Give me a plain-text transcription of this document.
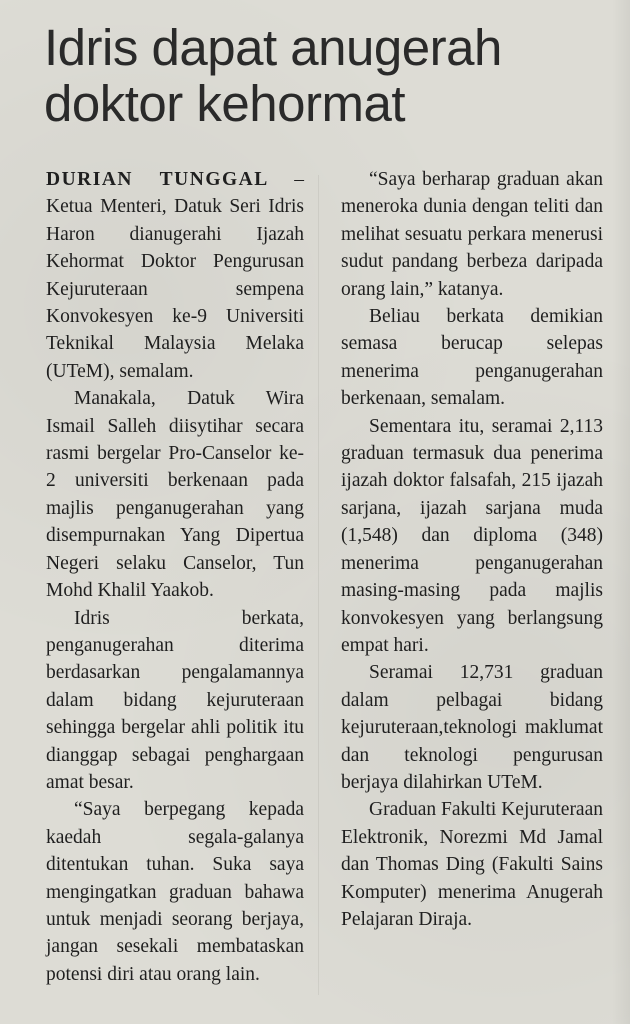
Idris dapat anugerah doktor kehormat

DURIAN TUNGGAL – Ketua Menteri, Datuk Seri Idris Haron dianugerahi Ijazah Kehormat Doktor Pengurusan Kejuruteraan sempena Konvokesyen ke-9 Universiti Teknikal Malaysia Melaka (UTeM), semalam.

Manakala, Datuk Wira Ismail Salleh diisytihar secara rasmi bergelar Pro-Canselor ke-2 universiti berkenaan pada majlis penganugerahan yang disempurnakan Yang Dipertua Negeri selaku Canselor, Tun Mohd Khalil Yaakob.

Idris berkata, penganugerahan diterima berdasarkan pengalamannya dalam bidang kejuruteraan sehingga bergelar ahli politik itu dianggap sebagai penghargaan amat besar.

“Saya berpegang kepada kaedah segala-galanya ditentukan tuhan. Suka saya mengingatkan graduan bahawa untuk menjadi seorang berjaya, jangan sesekali membataskan potensi diri atau orang lain.

“Saya berharap graduan akan meneroka dunia dengan teliti dan melihat sesuatu perkara menerusi sudut pandang berbeza daripada orang lain,” katanya.

Beliau berkata demikian semasa berucap selepas menerima penganugerahan berkenaan, semalam.

Sementara itu, seramai 2,113 graduan termasuk dua penerima ijazah doktor falsafah, 215 ijazah sarjana, ijazah sarjana muda (1,548) dan diploma (348) menerima penganugerahan masing-masing pada majlis konvokesyen yang berlangsung empat hari.

Seramai 12,731 graduan dalam pelbagai bidang kejuruteraan,teknologi maklumat dan teknologi pengurusan berjaya dilahirkan UTeM.

Graduan Fakulti Kejuruteraan Elektronik, Norezmi Md Jamal dan Thomas Ding (Fakulti Sains Komputer) menerima Anugerah Pelajaran Diraja.
